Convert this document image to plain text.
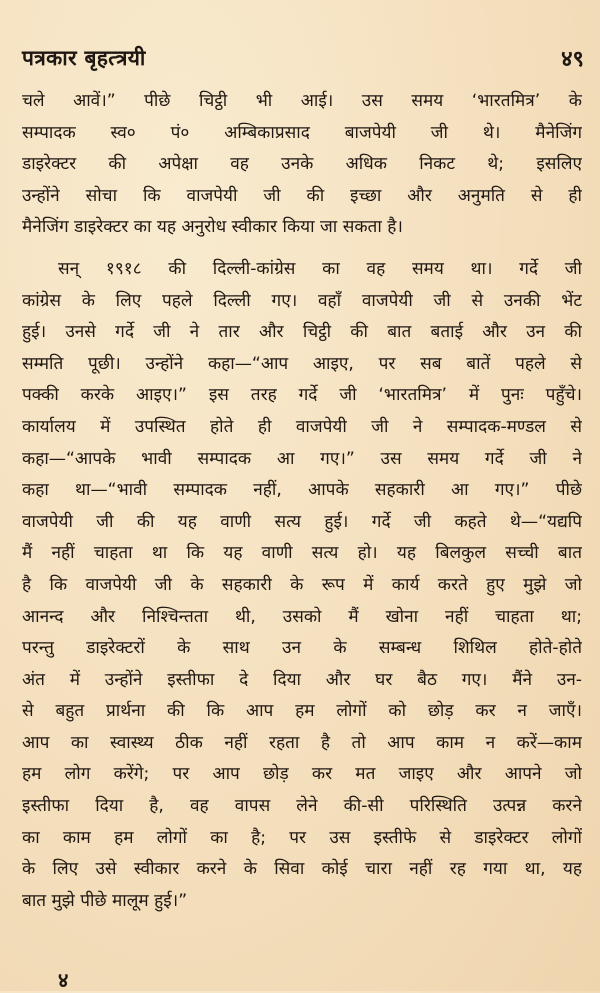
पत्रकार बृहत्त्रयी	४९
चले आवें।” पीछे चिट्ठी भी आई। उस समय ‘भारतमित्र’ के
सम्पादक स्व० पं० अम्बिकाप्रसाद बाजपेयी जी थे। मैनेजिंग
डाइरेक्टर की अपेक्षा वह उनके अधिक निकट थे; इसलिए
उन्होंने सोचा कि वाजपेयी जी की इच्छा और अनुमति से ही
मैनेजिंग डाइरेक्टर का यह अनुरोध स्वीकार किया जा सकता है।
सन् १९१८ की दिल्ली-कांग्रेस का वह समय था। गर्दे जी
कांग्रेस के लिए पहले दिल्ली गए। वहाँ वाजपेयी जी से उनकी भेंट
हुई। उनसे गर्दे जी ने तार और चिट्ठी की बात बताई और उन की
सम्मति पूछी। उन्होंने कहा—“आप आइए, पर सब बातें पहले से
पक्की करके आइए।” इस तरह गर्दे जी ‘भारतमित्र’ में पुनः पहुँचे।
कार्यालय में उपस्थित होते ही वाजपेयी जी ने सम्पादक-मण्डल से
कहा—“आपके भावी सम्पादक आ गए।” उस समय गर्दे जी ने
कहा था—“भावी सम्पादक नहीं, आपके सहकारी आ गए।” पीछे
वाजपेयी जी की यह वाणी सत्य हुई। गर्दे जी कहते थे—“यद्यपि
मैं नहीं चाहता था कि यह वाणी सत्य हो। यह बिलकुल सच्ची बात
है कि वाजपेयी जी के सहकारी के रूप में कार्य करते हुए मुझे जो
आनन्द और निश्चिन्तता थी, उसको मैं खोना नहीं चाहता था;
परन्तु डाइरेक्टरों के साथ उन के सम्बन्ध शिथिल होते-होते
अंत में उन्होंने इस्तीफा दे दिया और घर बैठ गए। मैंने उन-
से बहुत प्रार्थना की कि आप हम लोगों को छोड़ कर न जाएँ।
आप का स्वास्थ्य ठीक नहीं रहता है तो आप काम न करें—काम
हम लोग करेंगे; पर आप छोड़ कर मत जाइए और आपने जो
इस्तीफा दिया है, वह वापस लेने की-सी परिस्थिति उत्पन्न करने
का काम हम लोगों का है; पर उस इस्तीफे से डाइरेक्टर लोगों
के लिए उसे स्वीकार करने के सिवा कोई चारा नहीं रह गया था, यह
बात मुझे पीछे मालूम हुई।”
४
